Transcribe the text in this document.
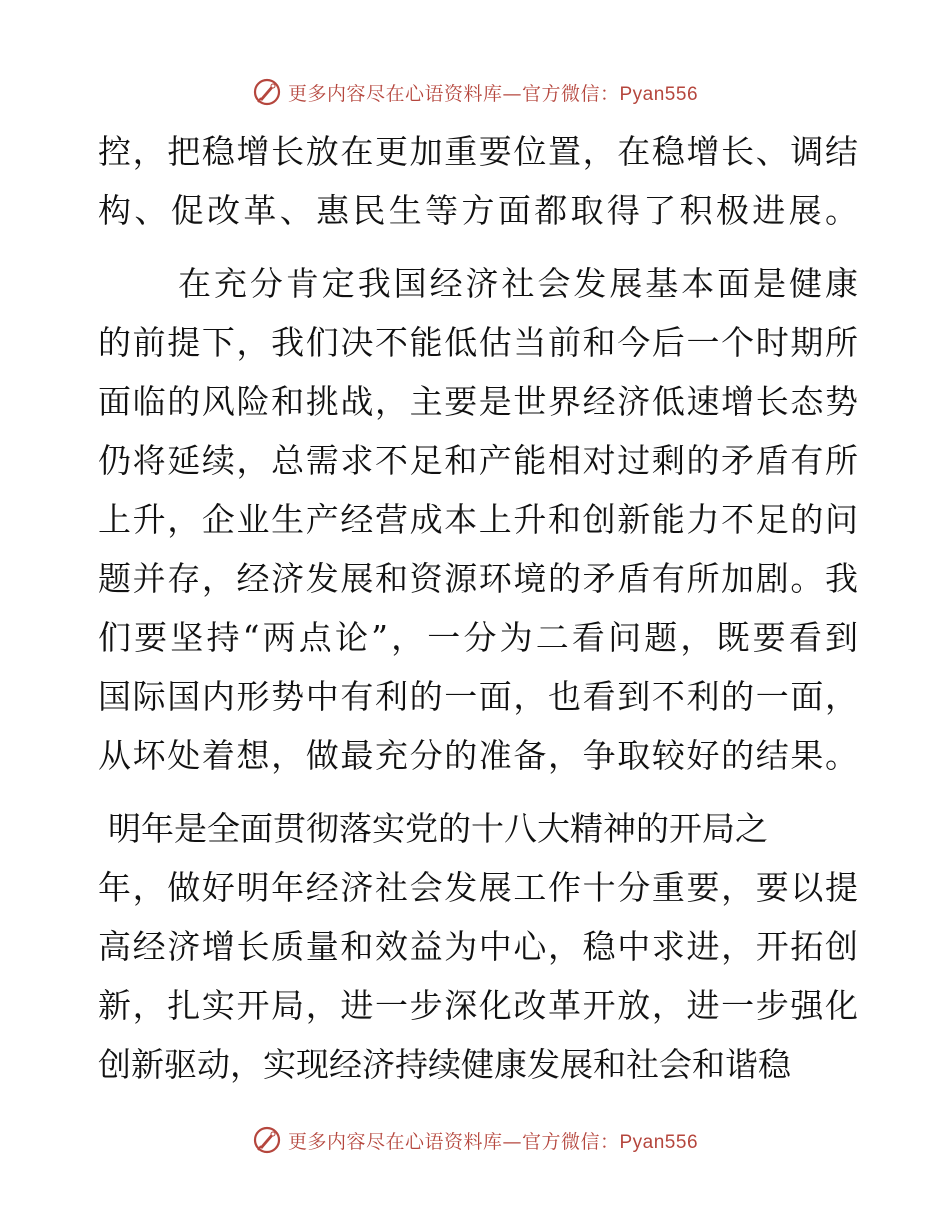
更多内容尽在心语资料库—官方微信：Pyan556
控，把稳增长放在更加重要位置，在稳增长、调结
构、促改革、惠民生等方面都取得了积极进展。
在充分肯定我国经济社会发展基本面是健康
的前提下，我们决不能低估当前和今后一个时期所
面临的风险和挑战，主要是世界经济低速增长态势
仍将延续，总需求不足和产能相对过剩的矛盾有所
上升，企业生产经营成本上升和创新能力不足的问
题并存，经济发展和资源环境的矛盾有所加剧。我
们要坚持“两点论”，一分为二看问题，既要看到
国际国内形势中有利的一面，也看到不利的一面，
从坏处着想，做最充分的准备，争取较好的结果。
明年是全面贯彻落实党的十八大精神的开局之
年，做好明年经济社会发展工作十分重要，要以提
高经济增长质量和效益为中心，稳中求进，开拓创
新，扎实开局，进一步深化改革开放，进一步强化
创新驱动，实现经济持续健康发展和社会和谐稳
更多内容尽在心语资料库—官方微信：Pyan556
